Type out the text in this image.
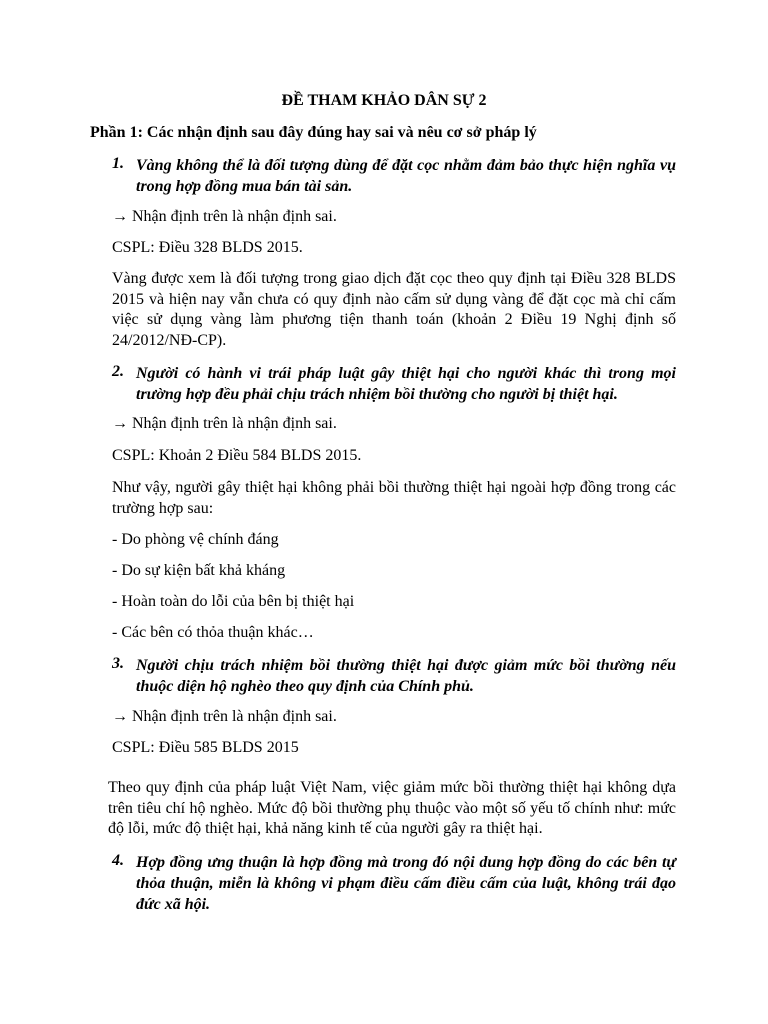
ĐỀ THAM KHẢO DÂN SỰ 2
Phần 1: Các nhận định sau đây đúng hay sai và nêu cơ sở pháp lý
1. Vàng không thể là đối tượng dùng để đặt cọc nhằm đảm bảo thực hiện nghĩa vụ trong hợp đồng mua bán tài sản.
→ Nhận định trên là nhận định sai.
CSPL: Điều 328 BLDS 2015.
Vàng được xem là đối tượng trong giao dịch đặt cọc theo quy định tại Điều 328 BLDS 2015 và hiện nay vẫn chưa có quy định nào cấm sử dụng vàng để đặt cọc mà chỉ cấm việc sử dụng vàng làm phương tiện thanh toán (khoản 2 Điều 19 Nghị định số 24/2012/NĐ-CP).
2. Người có hành vi trái pháp luật gây thiệt hại cho người khác thì trong mọi trường hợp đều phải chịu trách nhiệm bồi thường cho người bị thiệt hại.
→ Nhận định trên là nhận định sai.
CSPL: Khoản 2 Điều 584 BLDS 2015.
Như vậy, người gây thiệt hại không phải bồi thường thiệt hại ngoài hợp đồng trong các trường hợp sau:
- Do phòng vệ chính đáng
- Do sự kiện bất khả kháng
- Hoàn toàn do lỗi của bên bị thiệt hại
- Các bên có thỏa thuận khác…
3. Người chịu trách nhiệm bồi thường thiệt hại được giảm mức bồi thường nếu thuộc diện hộ nghèo theo quy định của Chính phủ.
→ Nhận định trên là nhận định sai.
CSPL: Điều 585 BLDS 2015
Theo quy định của pháp luật Việt Nam, việc giảm mức bồi thường thiệt hại không dựa trên tiêu chí hộ nghèo. Mức độ bồi thường phụ thuộc vào một số yếu tố chính như: mức độ lỗi, mức độ thiệt hại, khả năng kinh tế của người gây ra thiệt hại.
4. Hợp đồng ưng thuận là hợp đồng mà trong đó nội dung hợp đồng do các bên tự thỏa thuận, miễn là không vi phạm điều cấm điều cấm của luật, không trái đạo đức xã hội.
